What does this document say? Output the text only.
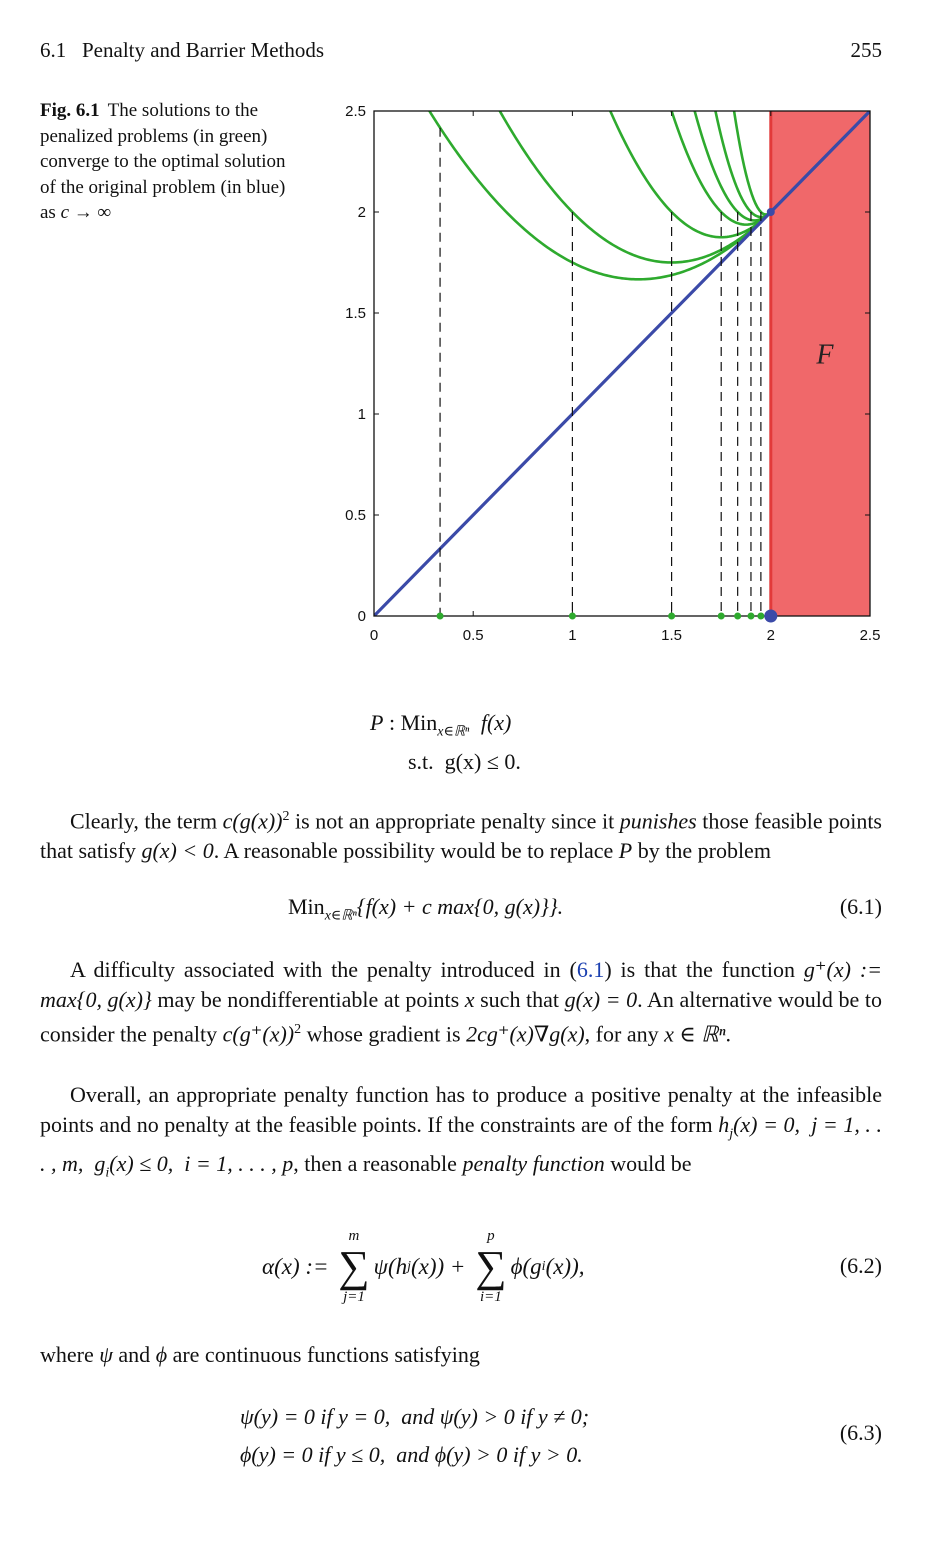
6.1   Penalty and Barrier Methods	255
Fig. 6.1 The solutions to the penalized problems (in green) converge to the optimal solution of the original problem (in blue) as c → ∞
0	0.5	1	1.5	2	2.5
0
0.5
1
1.5
2
2.5
F
P : Min$_{x\in ℝ^n}$ f(x)
s.t.  g(x) ≤ 0.
Clearly, the term $c(g(x))^2$ is not an appropriate penalty since it punishes those feasible points that satisfy g(x) < 0. A reasonable possibility would be to replace P by the problem
Min$_{x\in ℝ^n}${f(x) + c max{0, g(x)}}.	(6.1)
A difficulty associated with the penalty introduced in (6.1) is that the function g⁺(x) := max{0, g(x)} may be nondifferentiable at points x such that g(x) = 0. An alternative would be to consider the penalty $c(g^+(x))^2$ whose gradient is 2cg⁺(x)∇g(x), for any x ∈ ℝⁿ.
Overall, an appropriate penalty function has to produce a positive penalty at the infeasible points and no penalty at the feasible points. If the constraints are of the form $h_j(x) = 0$,  j = 1, . . . , m,  $g_i(x) \le 0$,  i = 1, . . . , p, then a reasonable penalty function would be
α(x) :=
m
∑
j=1
ψ(h j (x)) +
p
∑
i=1
ϕ(g i (x)),	(6.2)
where ψ and ϕ are continuous functions satisfying
ψ(y) = 0 if y = 0,  and ψ(y) > 0 if y ≠ 0;
ϕ(y) = 0 if y ≤ 0,  and ϕ(y) > 0 if y > 0.
(6.3)
